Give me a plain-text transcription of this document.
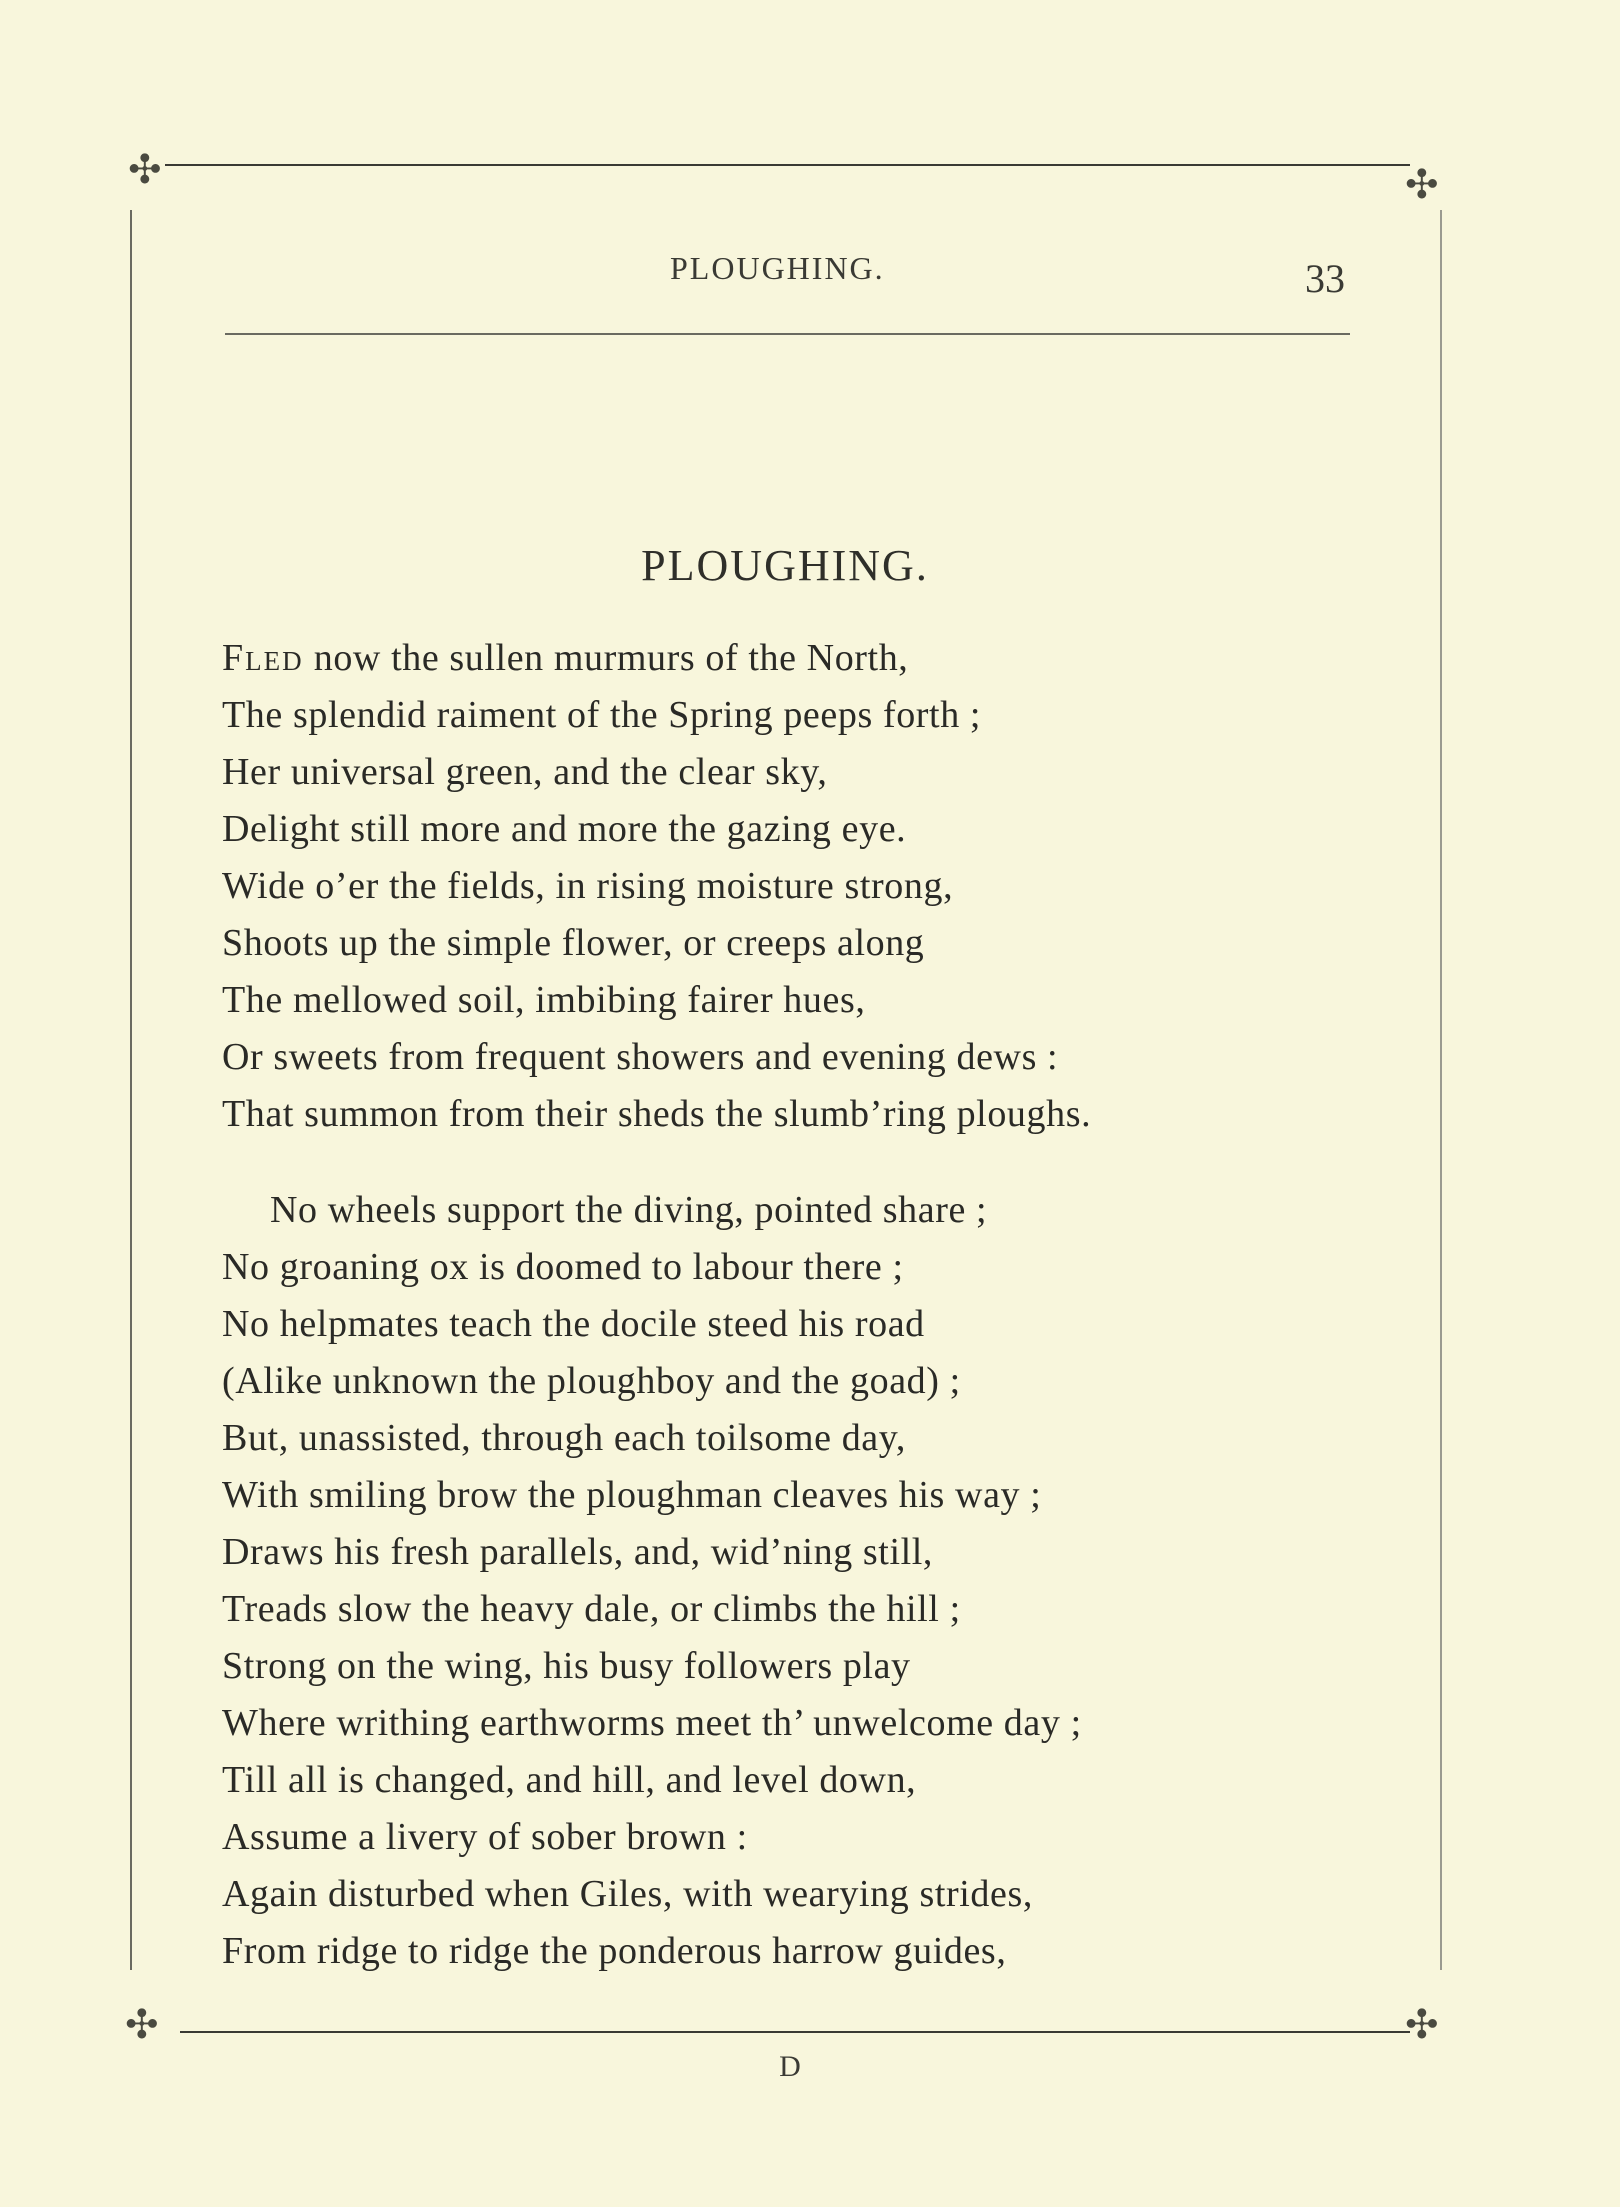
✣	✣
✣	✣
PLOUGHING.	33
PLOUGHING.
Fled now the sullen murmurs of the North,
The splendid raiment of the Spring peeps forth ;
Her universal green, and the clear sky,
Delight still more and more the gazing eye.
Wide o’er the fields, in rising moisture strong,
Shoots up the simple flower, or creeps along
The mellowed soil, imbibing fairer hues,
Or sweets from frequent showers and evening dews :
That summon from their sheds the slumb’ring ploughs.
No wheels support the diving, pointed share ;
No groaning ox is doomed to labour there ;
No helpmates teach the docile steed his road
(Alike unknown the ploughboy and the goad) ;
But, unassisted, through each toilsome day,
With smiling brow the ploughman cleaves his way ;
Draws his fresh parallels, and, wid’ning still,
Treads slow the heavy dale, or climbs the hill ;
Strong on the wing, his busy followers play
Where writhing earthworms meet th’ unwelcome day ;
Till all is changed, and hill, and level down,
Assume a livery of sober brown :
Again disturbed when Giles, with wearying strides,
From ridge to ridge the ponderous harrow guides,
D
